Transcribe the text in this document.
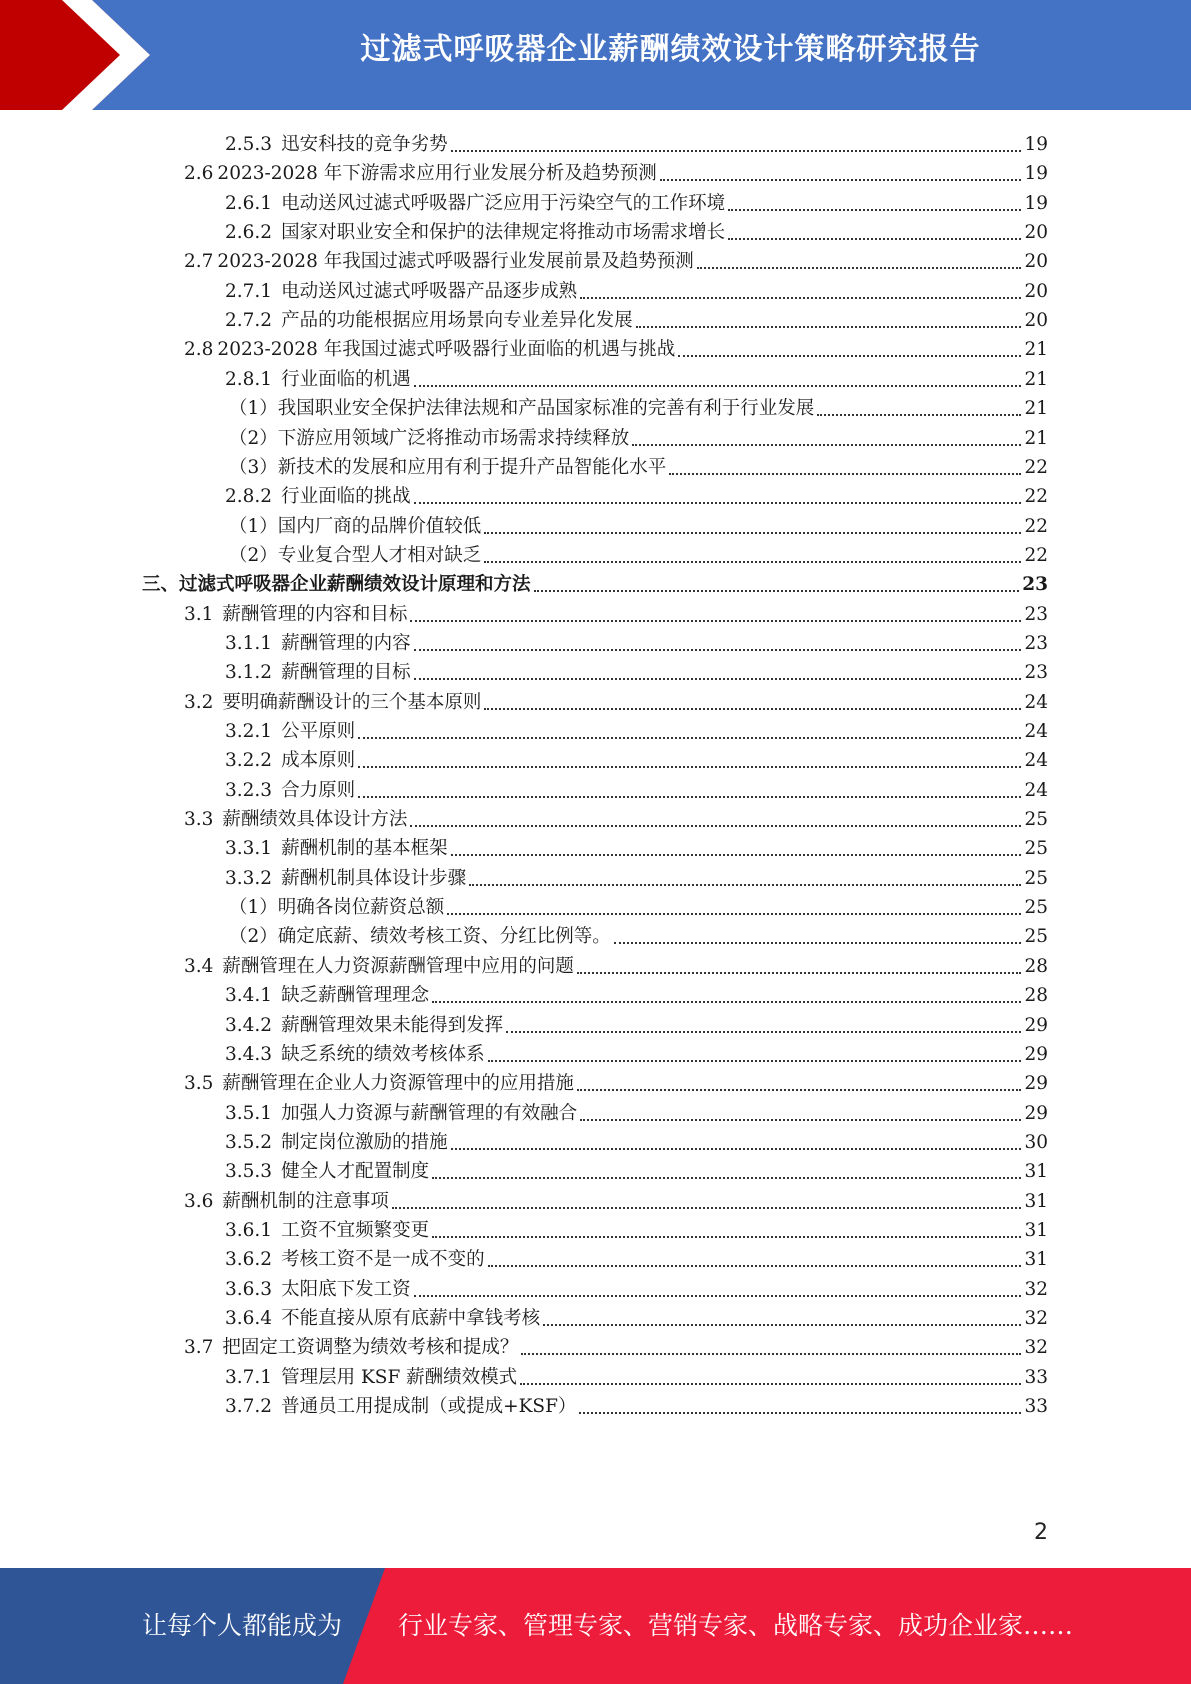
过滤式呼吸器企业薪酬绩效设计策略研究报告
2.5.3 迅安科技的竞争劣势	19
2.6 2023-2028 年下游需求应用行业发展分析及趋势预测	19
2.6.1 电动送风过滤式呼吸器广泛应用于污染空气的工作环境	19
2.6.2 国家对职业安全和保护的法律规定将推动市场需求增长	20
2.7 2023-2028 年我国过滤式呼吸器行业发展前景及趋势预测	20
2.7.1 电动送风过滤式呼吸器产品逐步成熟	20
2.7.2 产品的功能根据应用场景向专业差异化发展	20
2.8 2023-2028 年我国过滤式呼吸器行业面临的机遇与挑战	21
2.8.1 行业面临的机遇	21
（1） 我国职业安全保护法律法规和产品国家标准的完善有利于行业发展	21
（2） 下游应用领域广泛将推动市场需求持续释放	21
（3） 新技术的发展和应用有利于提升产品智能化水平	22
2.8.2 行业面临的挑战	22
（1） 国内厂商的品牌价值较低	22
（2） 专业复合型人才相对缺乏	22
三、 过滤式呼吸器企业薪酬绩效设计原理和方法	23
3.1 薪酬管理的内容和目标	23
3.1.1 薪酬管理的内容	23
3.1.2 薪酬管理的目标	23
3.2 要明确薪酬设计的三个基本原则	24
3.2.1 公平原则	24
3.2.2 成本原则	24
3.2.3 合力原则	24
3.3 薪酬绩效具体设计方法	25
3.3.1 薪酬机制的基本框架	25
3.3.2 薪酬机制具体设计步骤	25
（1） 明确各岗位薪资总额	25
（2） 确定底薪、绩效考核工资、分红比例等。	25
3.4 薪酬管理在人力资源薪酬管理中应用的问题	28
3.4.1 缺乏薪酬管理理念	28
3.4.2 薪酬管理效果未能得到发挥	29
3.4.3 缺乏系统的绩效考核体系	29
3.5 薪酬管理在企业人力资源管理中的应用措施	29
3.5.1 加强人力资源与薪酬管理的有效融合	29
3.5.2 制定岗位激励的措施	30
3.5.3 健全人才配置制度	31
3.6 薪酬机制的注意事项	31
3.6.1 工资不宜频繁变更	31
3.6.2 考核工资不是一成不变的	31
3.6.3 太阳底下发工资	32
3.6.4 不能直接从原有底薪中拿钱考核	32
3.7 把固定工资调整为绩效考核和提成？	32
3.7.1 管理层用 KSF 薪酬绩效模式	33
3.7.2 普通员工用提成制（或提成+KSF）	33
2
让每个人都能成为 行业专家、管理专家、营销专家、战略专家、成功企业家……
